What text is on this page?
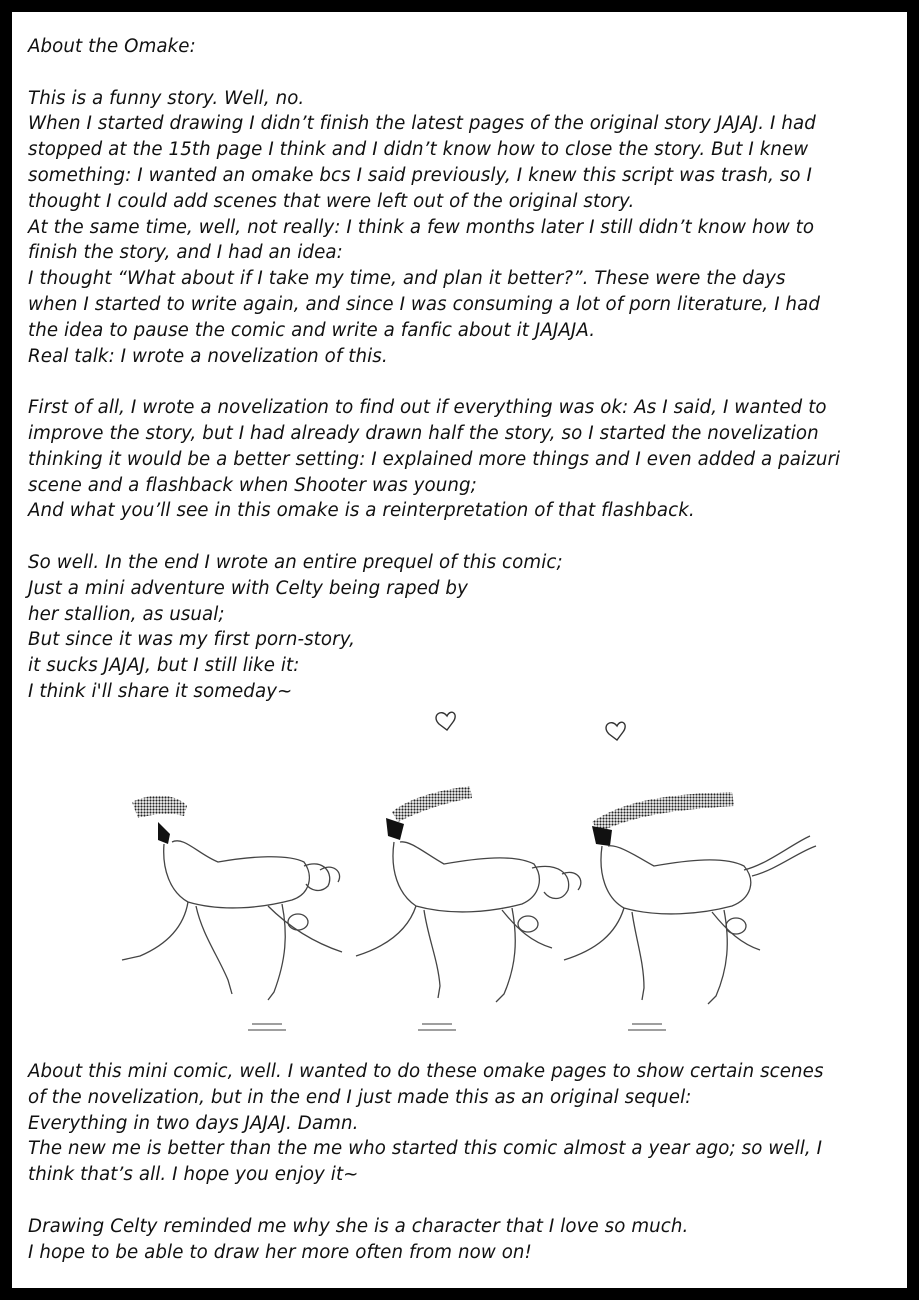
About the Omake:
This is a funny story. Well, no.
When I started drawing I didn’t finish the latest pages of the original story JAJAJ. I had
stopped at the 15th page I think and I didn’t know how to close the story. But I knew
something: I wanted an omake bcs I said previously, I knew this script was trash, so I
thought I could add scenes that were left out of the original story.
At the same time, well, not really: I think a few months later I still didn’t know how to
finish the story, and I had an idea:
I thought “What about if I take my time, and plan it better?”. These were the days
when I started to write again, and since I was consuming a lot of porn literature, I had
the idea to pause the comic and write a fanfic about it JAJAJA.
Real talk: I wrote a novelization of this.
First of all, I wrote a novelization to find out if everything was ok: As I said, I wanted to
improve the story, but I had already drawn half the story, so I started the novelization
thinking it would be a better setting: I explained more things and I even added a paizuri
scene and a flashback when Shooter was young;
And what you’ll see in this omake is a reinterpretation of that flashback.
So well. In the end I wrote an entire prequel of this comic;
Just a mini adventure with Celty being raped by
her stallion, as usual;
But since it was my first porn-story,
it sucks JAJAJ, but I still like it:
I think i'll share it someday~
About this mini comic, well. I wanted to do these omake pages to show certain scenes
of the novelization, but in the end I just made this as an original sequel:
Everything in two days JAJAJ. Damn.
The new me is better than the me who started this comic almost a year ago; so well, I
think that’s all. I hope you enjoy it~
Drawing Celty reminded me why she is a character that I love so much.
I hope to be able to draw her more often from now on!
